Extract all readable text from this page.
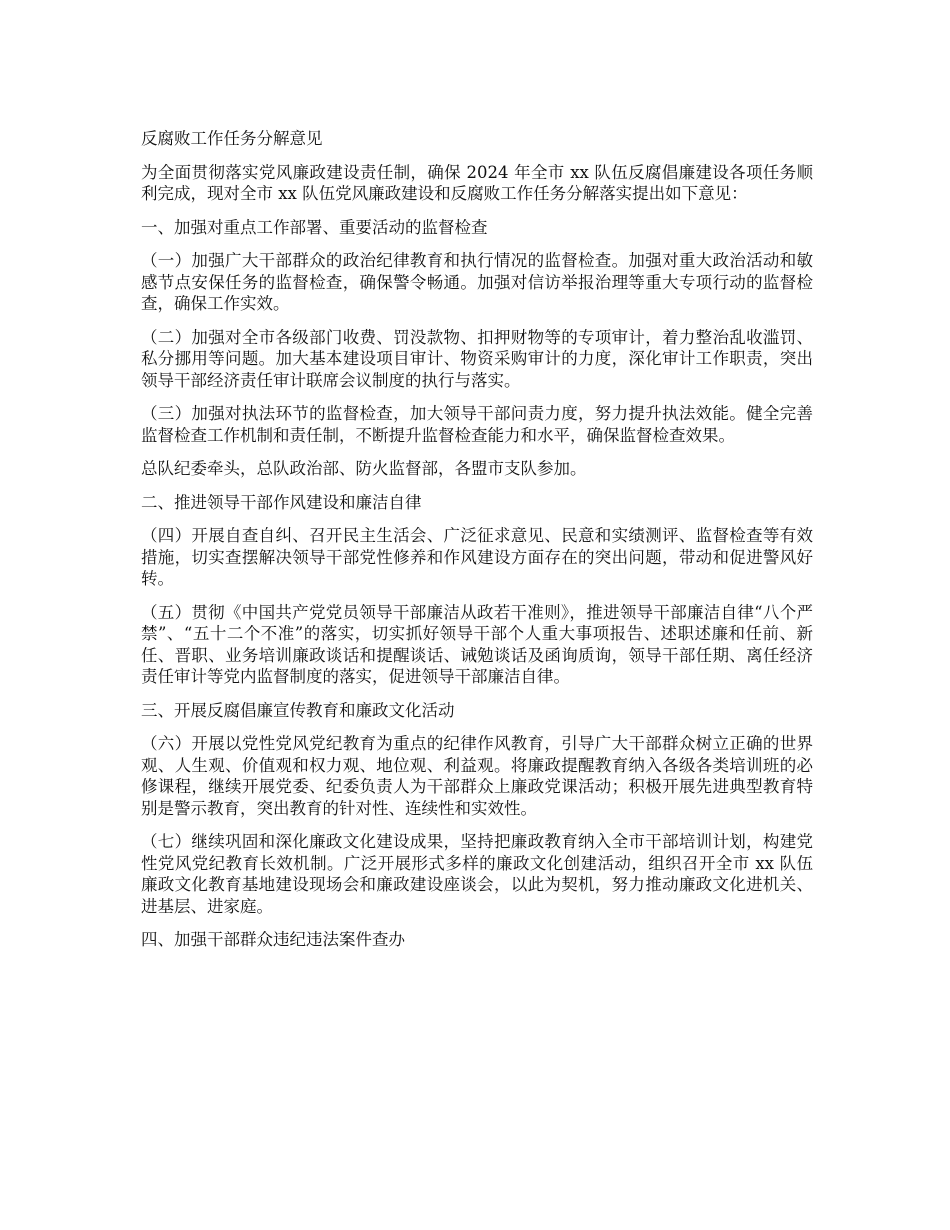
反腐败工作任务分解意见

为全面贯彻落实党风廉政建设责任制，确保 2024 年全市 xx 队伍反腐倡廉建设各项任务顺利完成，现对全市 xx 队伍党风廉政建设和反腐败工作任务分解落实提出如下意见：

一、加强对重点工作部署、重要活动的监督检查

（一）加强广大干部群众的政治纪律教育和执行情况的监督检查。加强对重大政治活动和敏感节点安保任务的监督检查，确保警令畅通。加强对信访举报治理等重大专项行动的监督检查，确保工作实效。

（二）加强对全市各级部门收费、罚没款物、扣押财物等的专项审计，着力整治乱收滥罚、私分挪用等问题。加大基本建设项目审计、物资采购审计的力度，深化审计工作职责，突出领导干部经济责任审计联席会议制度的执行与落实。

（三）加强对执法环节的监督检查，加大领导干部问责力度，努力提升执法效能。健全完善监督检查工作机制和责任制，不断提升监督检查能力和水平，确保监督检查效果。

总队纪委牵头，总队政治部、防火监督部，各盟市支队参加。

二、推进领导干部作风建设和廉洁自律

（四）开展自查自纠、召开民主生活会、广泛征求意见、民意和实绩测评、监督检查等有效措施，切实查摆解决领导干部党性修养和作风建设方面存在的突出问题，带动和促进警风好转。

（五）贯彻《中国共产党党员领导干部廉洁从政若干准则》，推进领导干部廉洁自律“八个严禁”、“五十二个不准”的落实，切实抓好领导干部个人重大事项报告、述职述廉和任前、新任、晋职、业务培训廉政谈话和提醒谈话、诫勉谈话及函询质询，领导干部任期、离任经济责任审计等党内监督制度的落实，促进领导干部廉洁自律。

三、开展反腐倡廉宣传教育和廉政文化活动

（六）开展以党性党风党纪教育为重点的纪律作风教育，引导广大干部群众树立正确的世界观、人生观、价值观和权力观、地位观、利益观。将廉政提醒教育纳入各级各类培训班的必修课程，继续开展党委、纪委负责人为干部群众上廉政党课活动；积极开展先进典型教育特别是警示教育，突出教育的针对性、连续性和实效性。

（七）继续巩固和深化廉政文化建设成果，坚持把廉政教育纳入全市干部培训计划，构建党性党风党纪教育长效机制。广泛开展形式多样的廉政文化创建活动，组织召开全市 xx 队伍廉政文化教育基地建设现场会和廉政建设座谈会，以此为契机，努力推动廉政文化进机关、进基层、进家庭。

四、加强干部群众违纪违法案件查办
